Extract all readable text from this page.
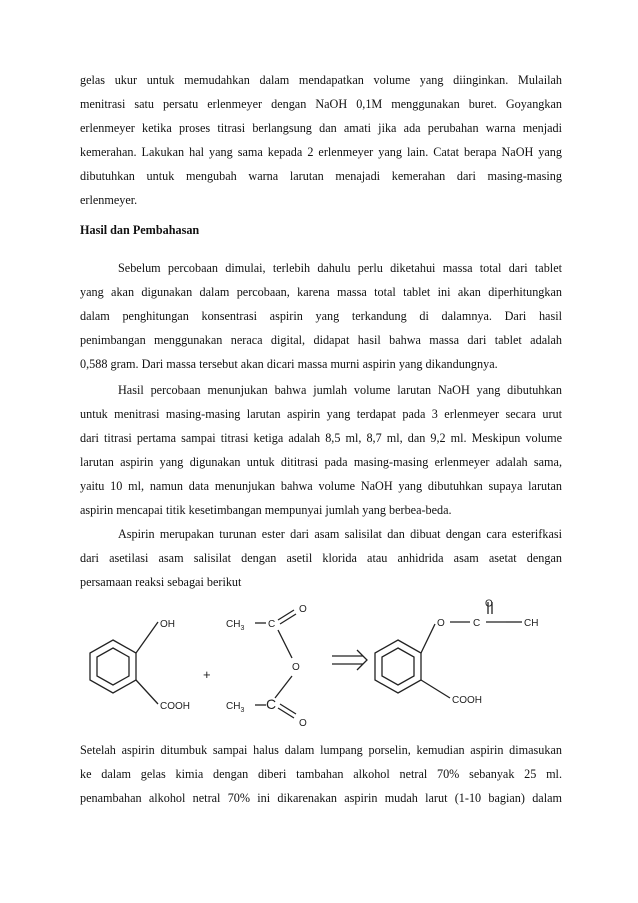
gelas ukur untuk memudahkan dalam mendapatkan volume yang diinginkan. Mulailah
menitrasi satu persatu erlenmeyer dengan NaOH 0,1M menggunakan buret. Goyangkan
erlenmeyer ketika proses titrasi berlangsung dan amati jika ada perubahan warna menjadi
kemerahan. Lakukan hal yang sama kepada 2 erlenmeyer yang lain. Catat berapa NaOH yang
dibutuhkan untuk mengubah warna larutan menajadi kemerahan dari masing-masing
erlenmeyer.
Hasil dan Pembahasan
Sebelum percobaan dimulai, terlebih dahulu perlu diketahui massa total dari tablet
yang akan digunakan dalam percobaan, karena massa total tablet ini akan diperhitungkan
dalam penghitungan konsentrasi aspirin yang terkandung di dalamnya. Dari hasil
penimbangan menggunakan neraca digital, didapat hasil bahwa massa dari tablet adalah
0,588 gram. Dari massa tersebut akan dicari massa murni aspirin yang dikandungnya.
Hasil percobaan menunjukan bahwa jumlah volume larutan NaOH yang dibutuhkan
untuk menitrasi masing-masing larutan aspirin yang terdapat pada 3 erlenmeyer secara urut
dari titrasi pertama sampai titrasi ketiga adalah 8,5 ml, 8,7 ml, dan 9,2 ml. Meskipun volume
larutan aspirin yang digunakan untuk dititrasi pada masing-masing erlenmeyer adalah sama,
yaitu 10 ml, namun data menunjukan bahwa volume NaOH yang dibutuhkan supaya larutan
aspirin mencapai titik kesetimbangan mempunyai jumlah yang berbea-beda.
Aspirin merupakan turunan ester dari asam salisilat dan dibuat dengan cara esterifkasi
dari asetilasi asam salisilat dengan asetil klorida atau anhidrida asam asetat dengan
persamaan reaksi sebagai berikut
OH
COOH
+
$CH_3$ C
O
O
$CH_3$ C
O
O	C
O
CH
COOH
Setelah aspirin ditumbuk sampai halus dalam lumpang porselin, kemudian aspirin dimasukan
ke dalam gelas kimia dengan diberi tambahan alkohol netral 70% sebanyak 25 ml.
penambahan alkohol netral 70% ini dikarenakan aspirin mudah larut (1-10 bagian) dalam
